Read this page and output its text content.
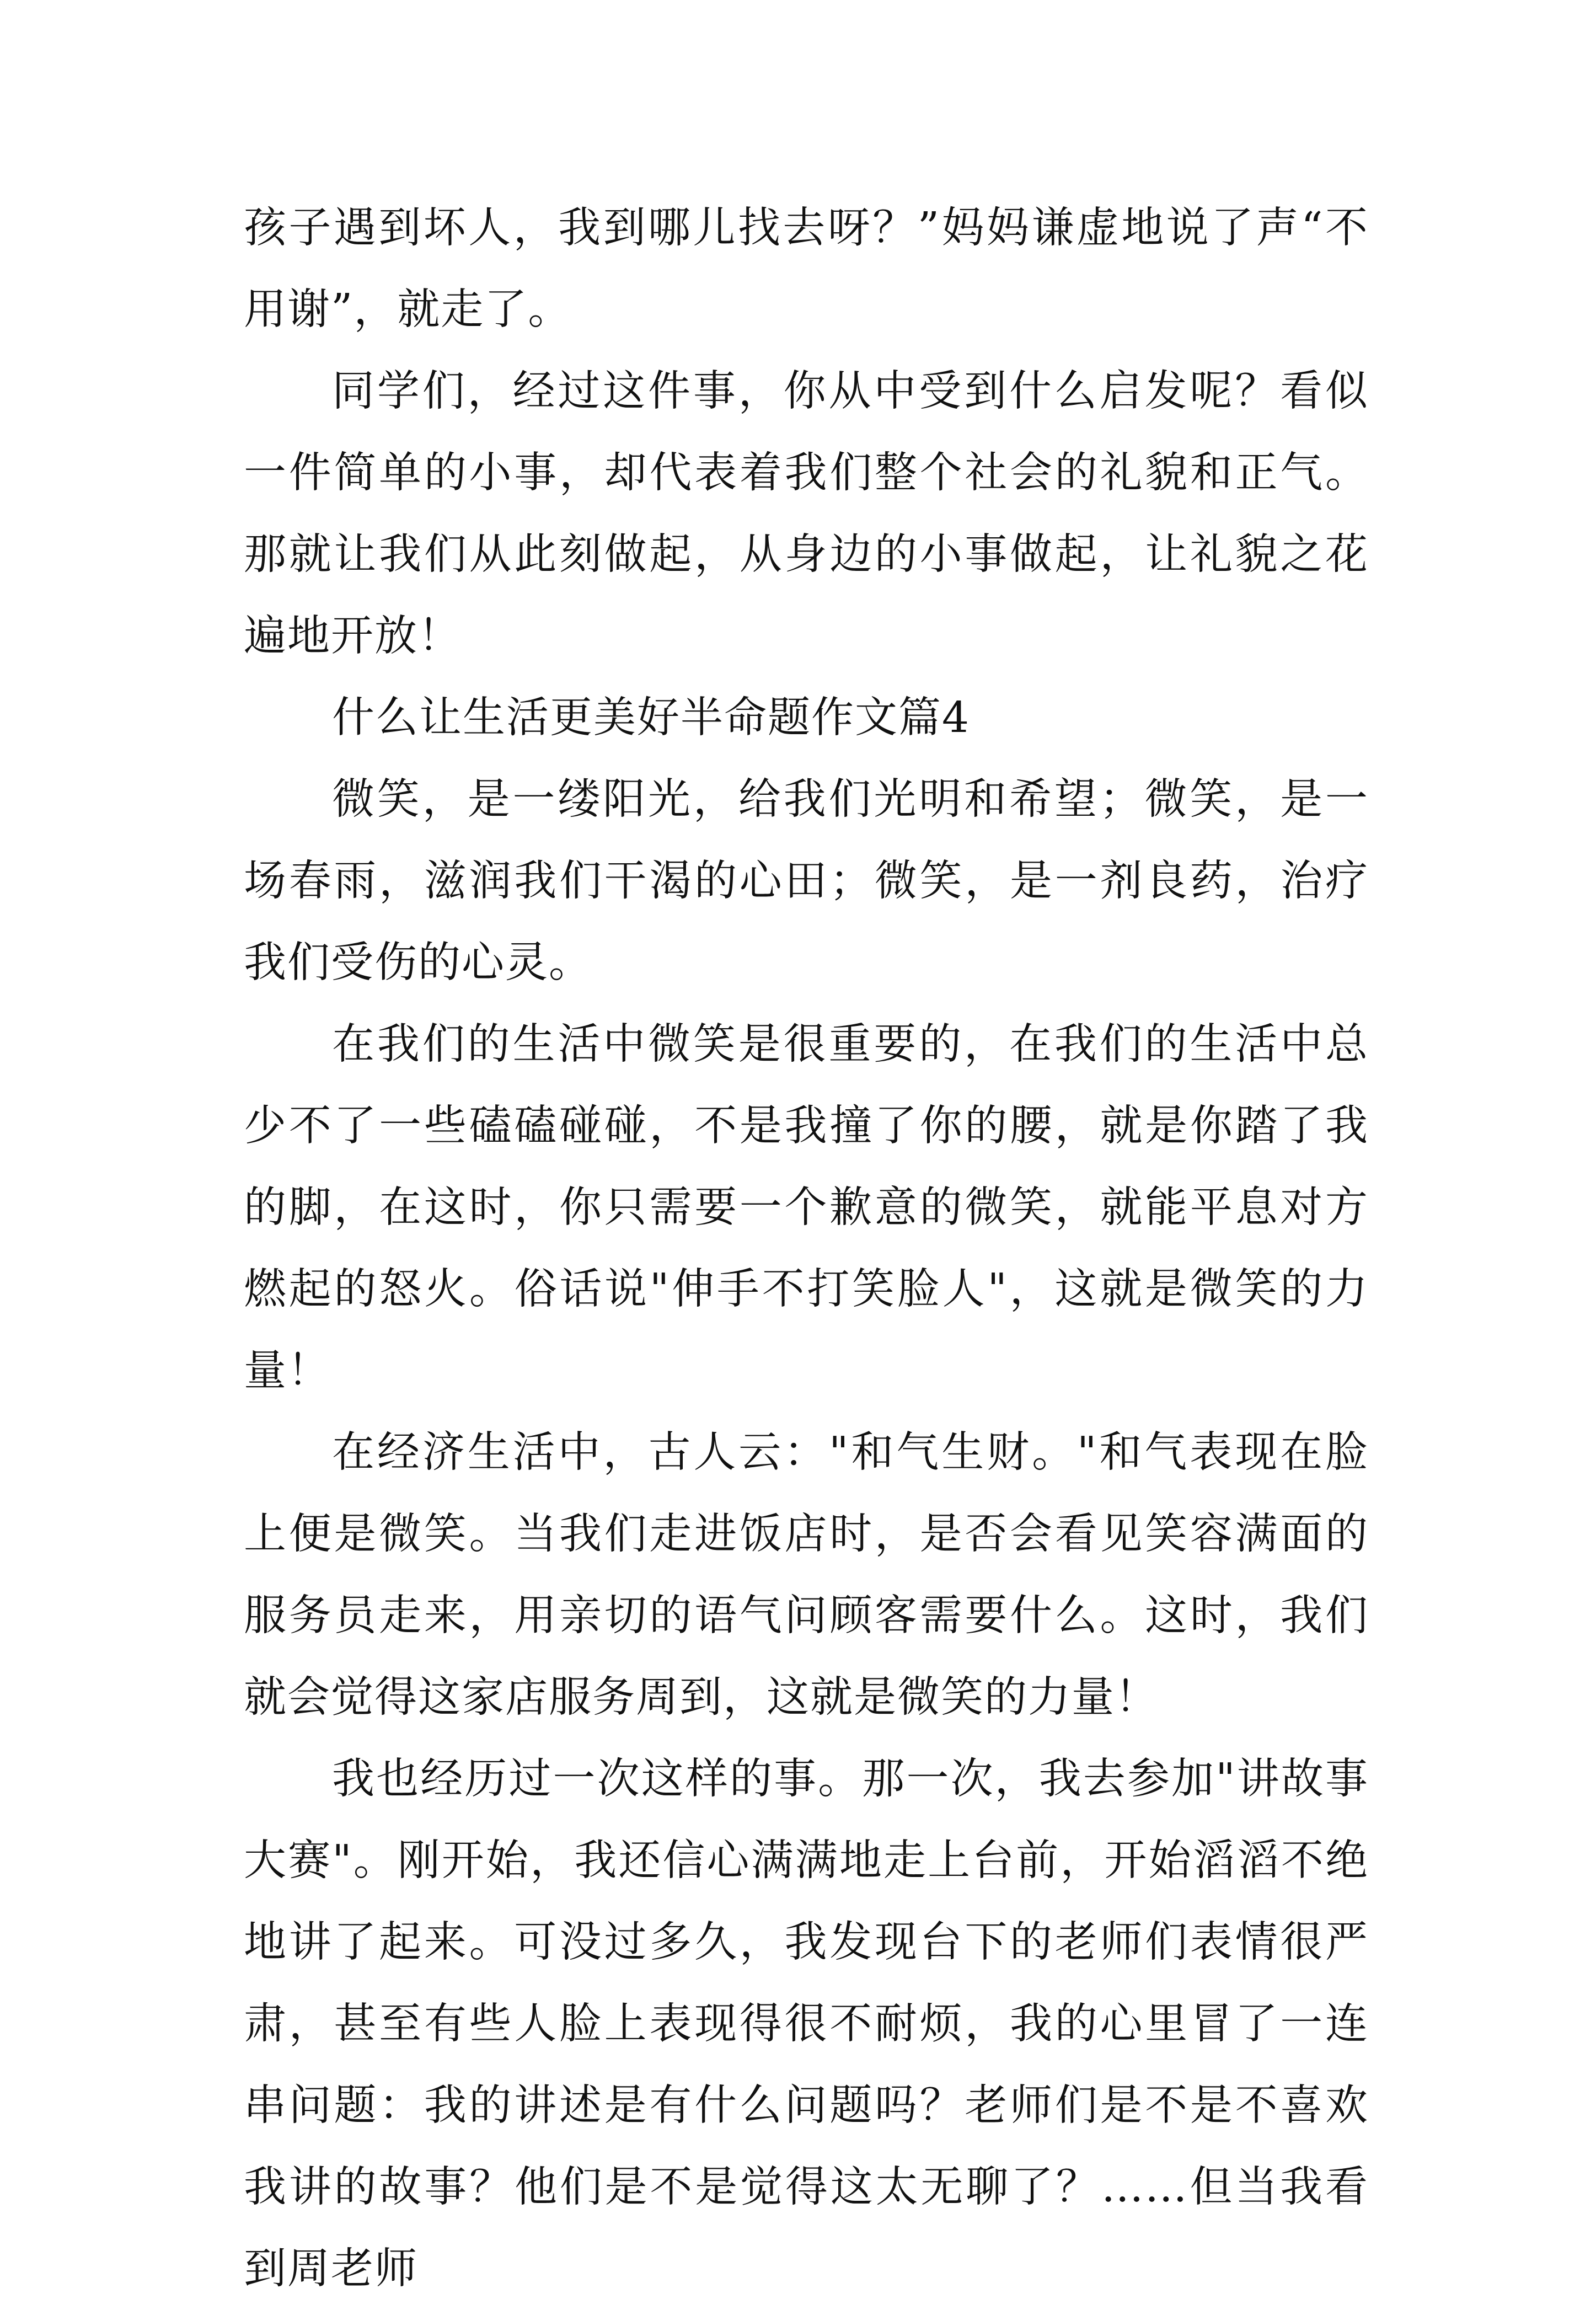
孩子遇到坏人，我到哪儿找去呀？”妈妈谦虚地说了声“不用谢”，就走了。

同学们，经过这件事，你从中受到什么启发呢？看似一件简单的小事，却代表着我们整个社会的礼貌和正气。那就让我们从此刻做起，从身边的小事做起，让礼貌之花遍地开放！

什么让生活更美好半命题作文篇4

微笑，是一缕阳光，给我们光明和希望；微笑，是一场春雨，滋润我们干渴的心田；微笑，是一剂良药，治疗我们受伤的心灵。

在我们的生活中微笑是很重要的，在我们的生活中总少不了一些磕磕碰碰，不是我撞了你的腰，就是你踏了我的脚，在这时，你只需要一个歉意的微笑，就能平息对方燃起的怒火。俗话说"伸手不打笑脸人"，这就是微笑的力量！

在经济生活中，古人云："和气生财。"和气表现在脸上便是微笑。当我们走进饭店时，是否会看见笑容满面的服务员走来，用亲切的语气问顾客需要什么。这时，我们就会觉得这家店服务周到，这就是微笑的力量！

我也经历过一次这样的事。那一次，我去参加"讲故事大赛"。刚开始，我还信心满满地走上台前，开始滔滔不绝地讲了起来。可没过多久，我发现台下的老师们表情很严肃，甚至有些人脸上表现得很不耐烦，我的心里冒了一连串问题：我的讲述是有什么问题吗？老师们是不是不喜欢我讲的故事？他们是不是觉得这太无聊了？……但当我看到周老师
